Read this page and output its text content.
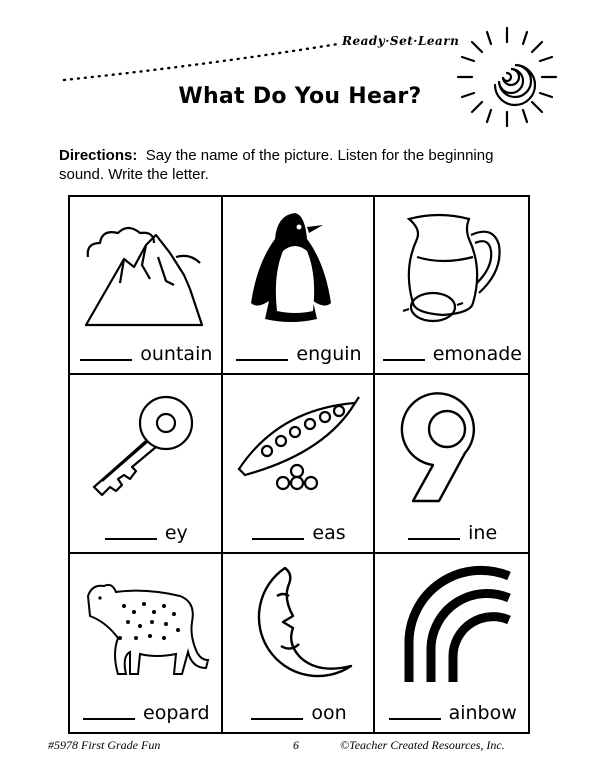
Ready·Set·Learn
What Do You Hear?
Directions: Say the name of the picture. Listen for the beginning sound. Write the letter.
ountain	enguin	emonade
ey	eas	ine
eopard	oon	ainbow
#5978 First Grade Fun	6	©Teacher Created Resources, Inc.
